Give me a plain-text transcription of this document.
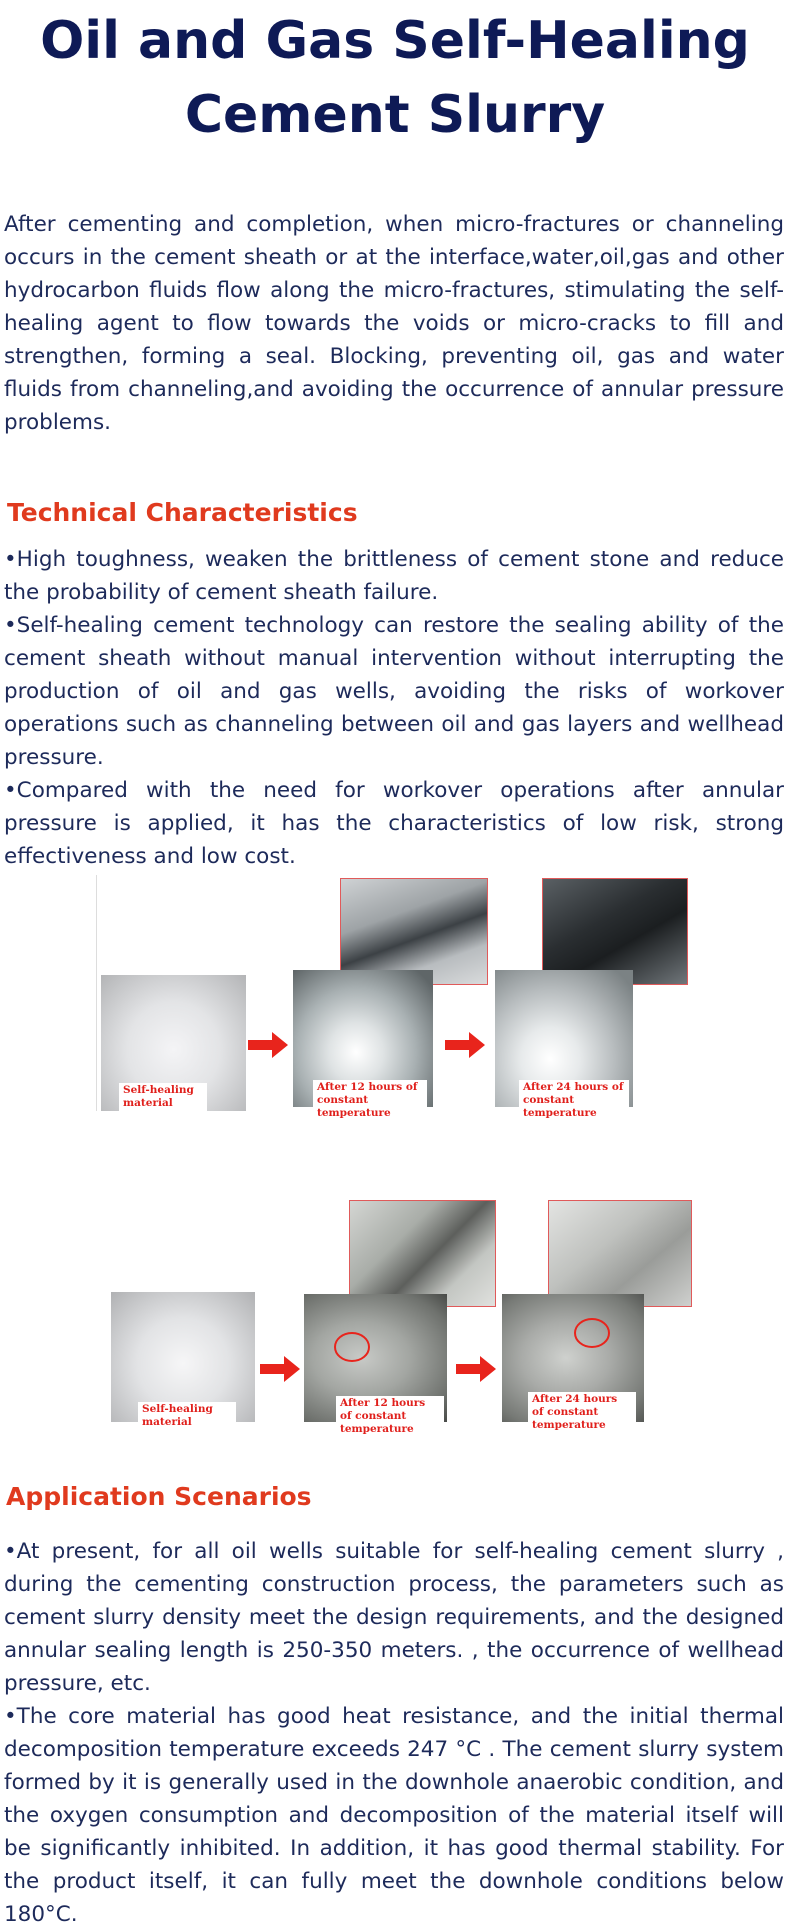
Oil and Gas Self-Healing
Cement Slurry

After cementing and completion, when micro-fractures or channeling occurs in the cement sheath or at the interface,water,oil,gas and other hydrocarbon fluids flow along the micro-fractures, stimulating the self-healing agent to flow towards the voids or micro-cracks to fill and strengthen, forming a seal. Blocking, preventing oil, gas and water fluids from channeling,and avoiding the occurrence of annular pressure problems.

Technical Characteristics

•High toughness, weaken the brittleness of cement stone and reduce the probability of cement sheath failure.

•Self-healing cement technology can restore the sealing ability of the cement sheath without manual intervention without interrupting the production of oil and gas wells, avoiding the risks of workover operations such as channeling between oil and gas layers and wellhead pressure.

•Compared with the need for workover operations after annular pressure is applied, it has the characteristics of low risk, strong effectiveness and low cost.

Self-healing material
After 12 hours of constant temperature
After 24 hours of constant temperature
Self-healing material
After 12 hours of constant temperature
After 24 hours of constant temperature
Application Scenarios

•At present, for all oil wells suitable for self-healing cement slurry , during the cementing construction process, the parameters such as cement slurry density meet the design requirements, and the designed annular sealing length is 250-350 meters. , the occurrence of wellhead pressure, etc.

•The core material has good heat resistance, and the initial thermal decomposition temperature exceeds 247 °C . The cement slurry system formed by it is generally used in the downhole anaerobic condition, and the oxygen consumption and decomposition of the material itself will be significantly inhibited. In addition, it has good thermal stability. For the product itself, it can fully meet the downhole conditions below 180°C.
